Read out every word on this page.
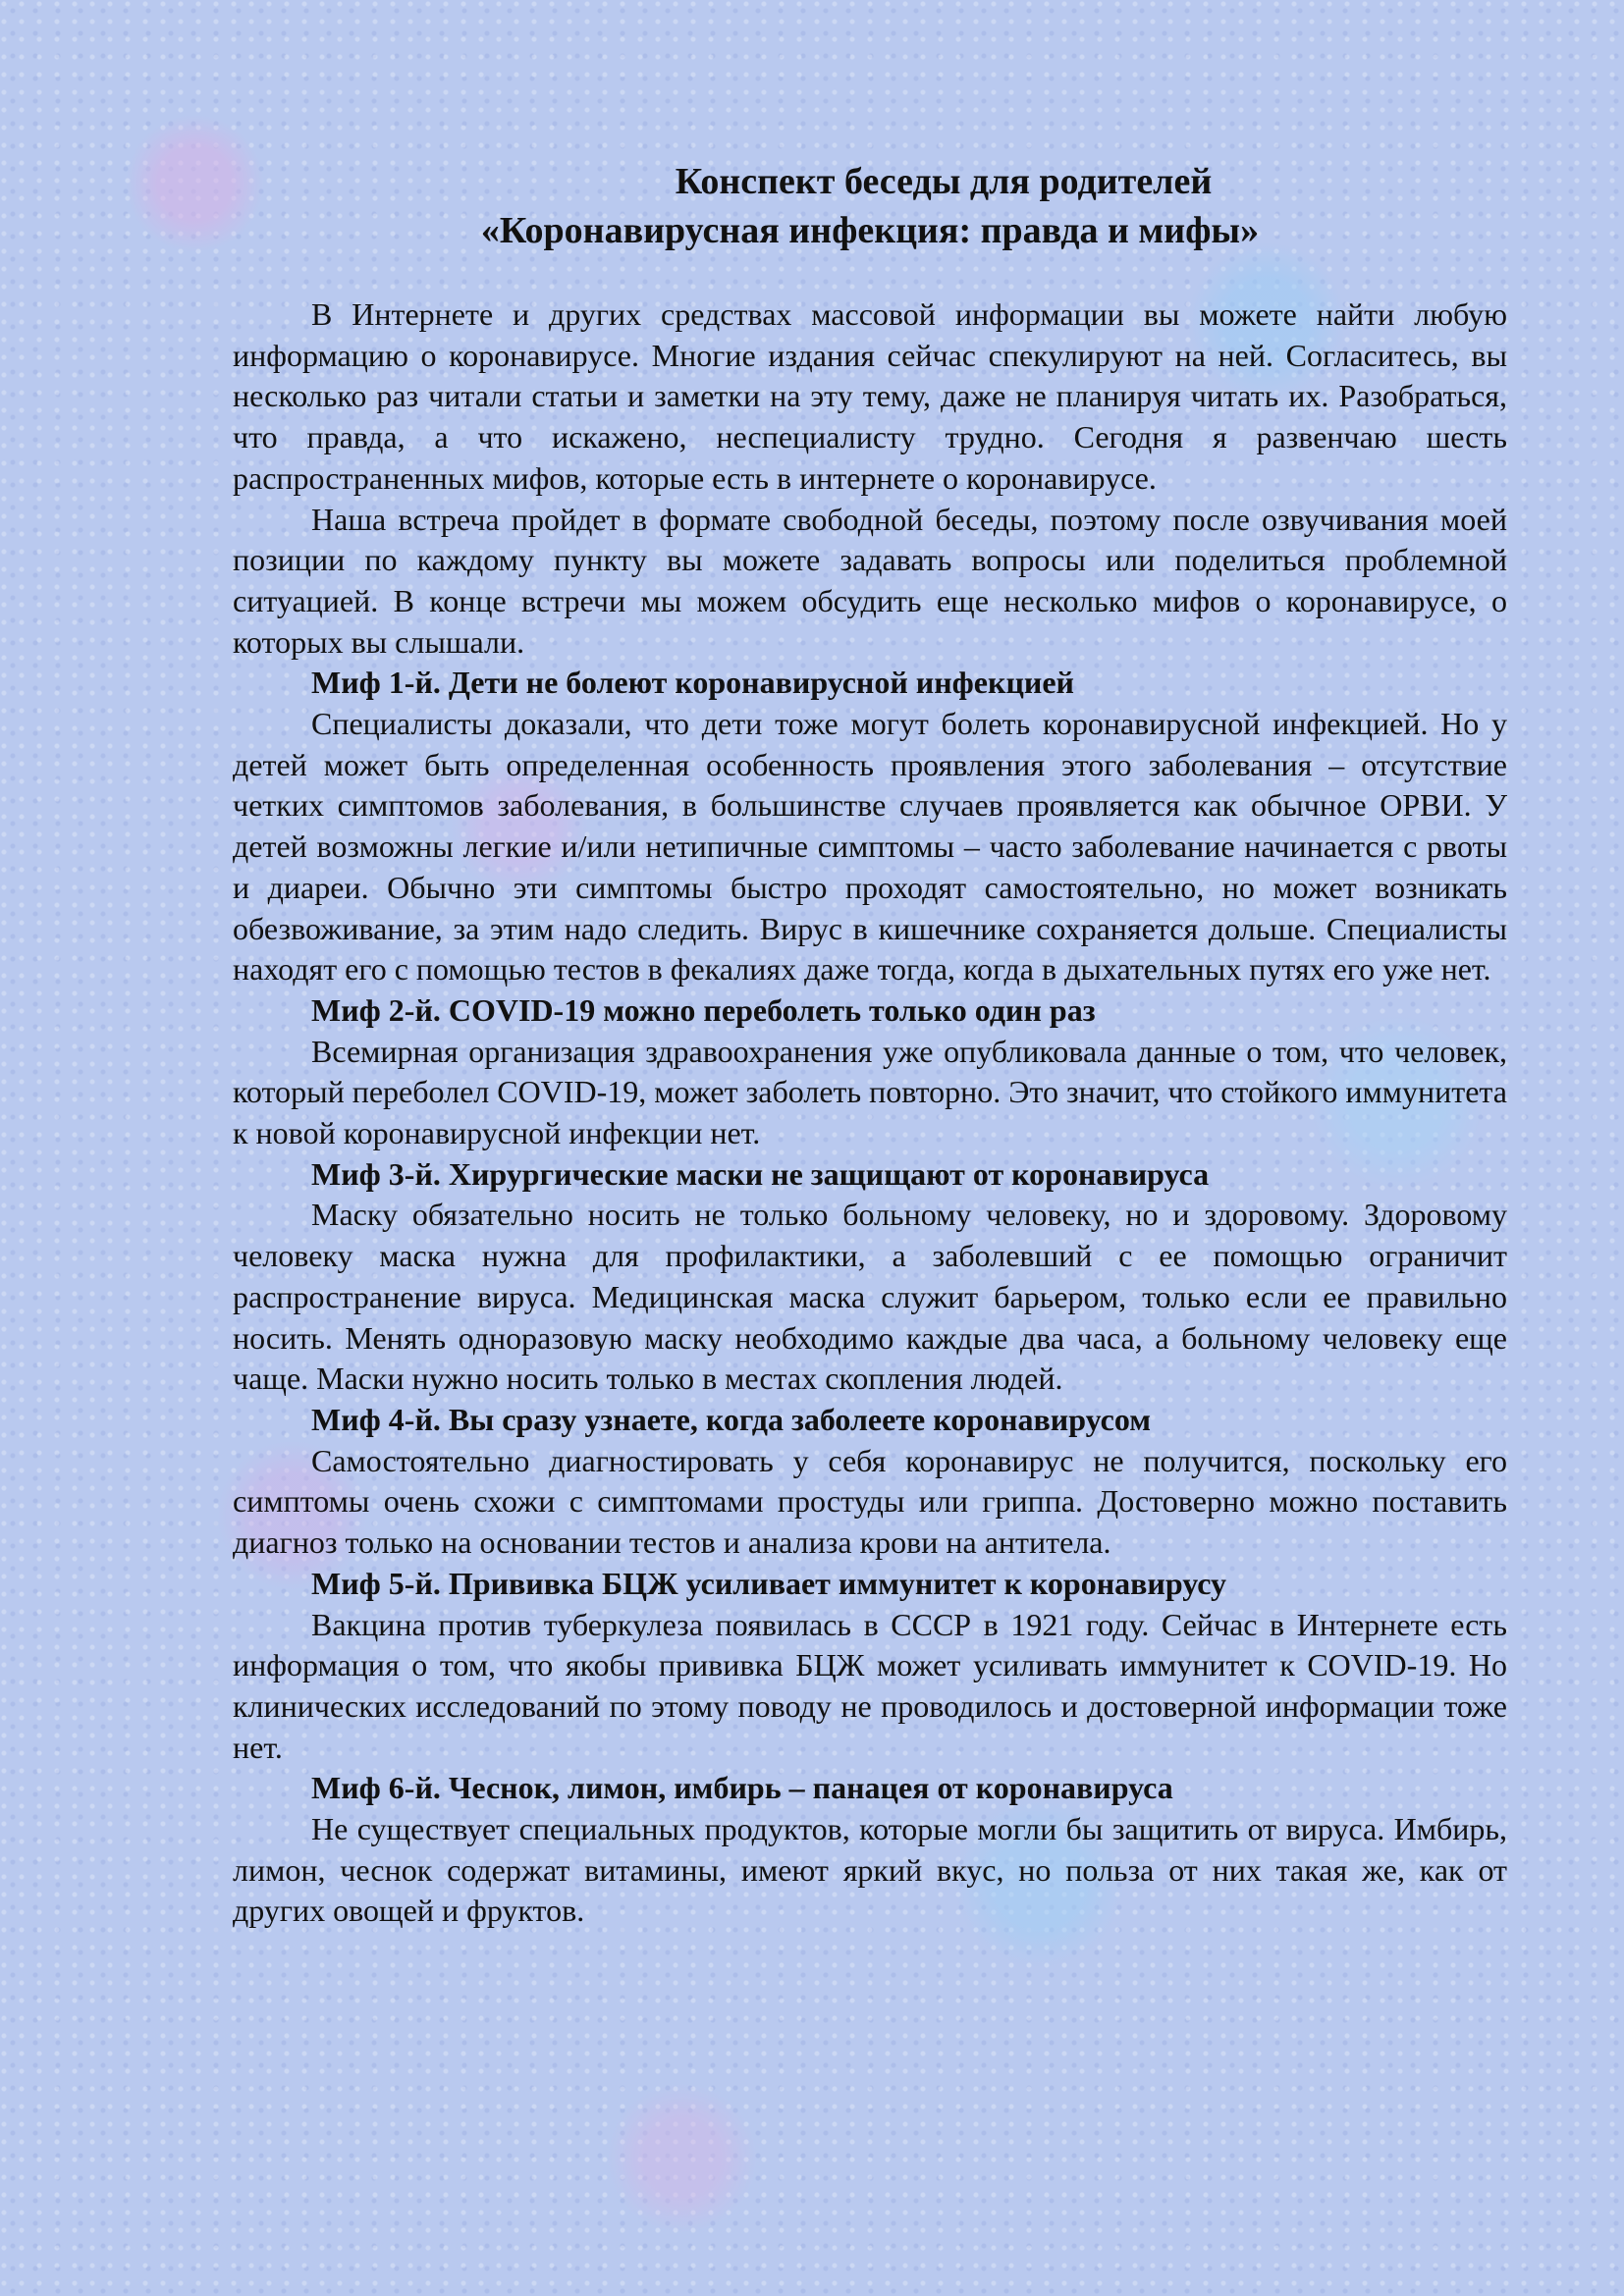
Конспект беседы для родителей

«Коронавирусная инфекция: правда и мифы»

В Интернете и других средствах массовой информации вы можете найти любую информацию о коронавирусе. Многие издания сейчас спекулируют на ней. Согласитесь, вы несколько раз читали статьи и заметки на эту тему, даже не планируя читать их. Разобраться, что правда, а что искажено, неспециалисту трудно. Сегодня я развенчаю шесть распространенных мифов, которые есть в интернете о коронавирусе.

Наша встреча пройдет в формате свободной беседы, поэтому после озвучивания моей позиции по каждому пункту вы можете задавать вопросы или поделиться проблемной ситуацией. В конце встречи мы можем обсудить еще несколько мифов о коронавирусе, о которых вы слышали.

Миф 1-й. Дети не болеют коронавирусной инфекцией

Специалисты доказали, что дети тоже могут болеть коронавирусной инфекцией. Но у детей может быть определенная особенность проявления этого заболевания – отсутствие четких симптомов заболевания, в большинстве случаев проявляется как обычное ОРВИ. У детей возможны легкие и/или нетипичные симптомы – часто заболевание начинается с рвоты и диареи. Обычно эти симптомы быстро проходят самостоятельно, но может возникать обезвоживание, за этим надо следить. Вирус в кишечнике сохраняется дольше. Специалисты находят его с помощью тестов в фекалиях даже тогда, когда в дыхательных путях его уже нет.

Миф 2-й. COVID-19 можно переболеть только один раз

Всемирная организация здравоохранения уже опубликовала данные о том, что человек, который переболел COVID-19, может заболеть повторно. Это значит, что стойкого иммунитета к новой коронавирусной инфекции нет.

Миф 3-й. Хирургические маски не защищают от коронавируса

Маску обязательно носить не только больному человеку, но и здоровому. Здоровому человеку маска нужна для профилактики, а заболевший с ее помощью ограничит распространение вируса. Медицинская маска служит барьером, только если ее правильно носить. Менять одноразовую маску необходимо каждые два часа, а больному человеку еще чаще. Маски нужно носить только в местах скопления людей.

Миф 4-й. Вы сразу узнаете, когда заболеете коронавирусом

Самостоятельно диагностировать у себя коронавирус не получится, поскольку его симптомы очень схожи с симптомами простуды или гриппа. Достоверно можно поставить диагноз только на основании тестов и анализа крови на антитела.

Миф 5-й. Прививка БЦЖ усиливает иммунитет к коронавирусу

Вакцина против туберкулеза появилась в СССР в 1921 году. Сейчас в Интернете есть информация о том, что якобы прививка БЦЖ может усиливать иммунитет к COVID-19. Но клинических исследований по этому поводу не проводилось и достоверной информации тоже нет.

Миф 6-й. Чеснок, лимон, имбирь – панацея от коронавируса

Не существует специальных продуктов, которые могли бы защитить от вируса. Имбирь, лимон, чеснок содержат витамины, имеют яркий вкус, но польза от них такая же, как от других овощей и фруктов.
